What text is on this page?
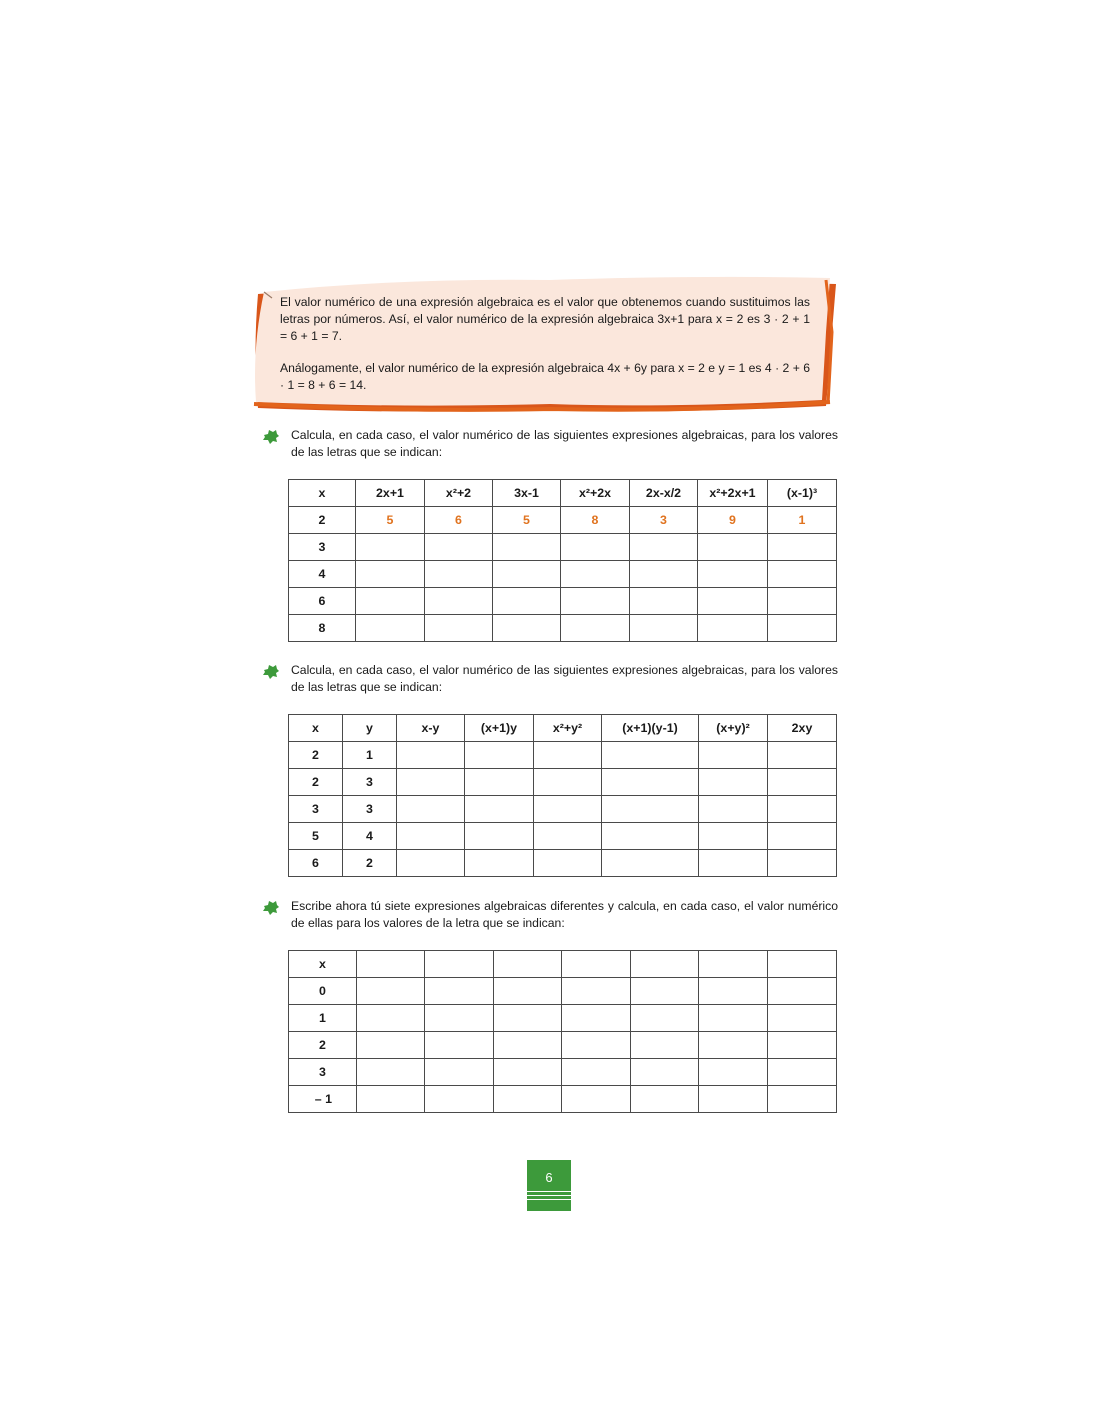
El valor numérico de una expresión algebraica es el valor que obtenemos cuando sustituimos las letras por números. Así, el valor numérico de la expresión algebraica 3x+1 para x = 2 es 3 · 2 + 1 = 6 + 1 = 7.

Análogamente, el valor numérico de la expresión algebraica 4x + 6y para x = 2 e y = 1 es 4 · 2 + 6 · 1 = 8 + 6 = 14.

Calcula, en cada caso, el valor numérico de las siguientes expresiones algebraicas, para los valores de las letras que se indican:
x	2x+1	x²+2	3x-1	x²+2x	2x-x/2	x²+2x+1	(x-1)³
2	5	6	5	8	3	9	1
3							
4							
6							
8							
Calcula, en cada caso, el valor numérico de las siguientes expresiones algebraicas, para los valores de las letras que se indican:
x	y	x-y	(x+1)y	x²+y²	(x+1)(y-1)	(x+y)²	2xy
2	1						
2	3						
3	3						
5	4						
6	2						
Escribe ahora tú siete expresiones algebraicas diferentes y calcula, en cada caso, el valor numérico de ellas para los valores de la letra que se indican:
x							
0							
1							
2							
3							
– 1							
6
